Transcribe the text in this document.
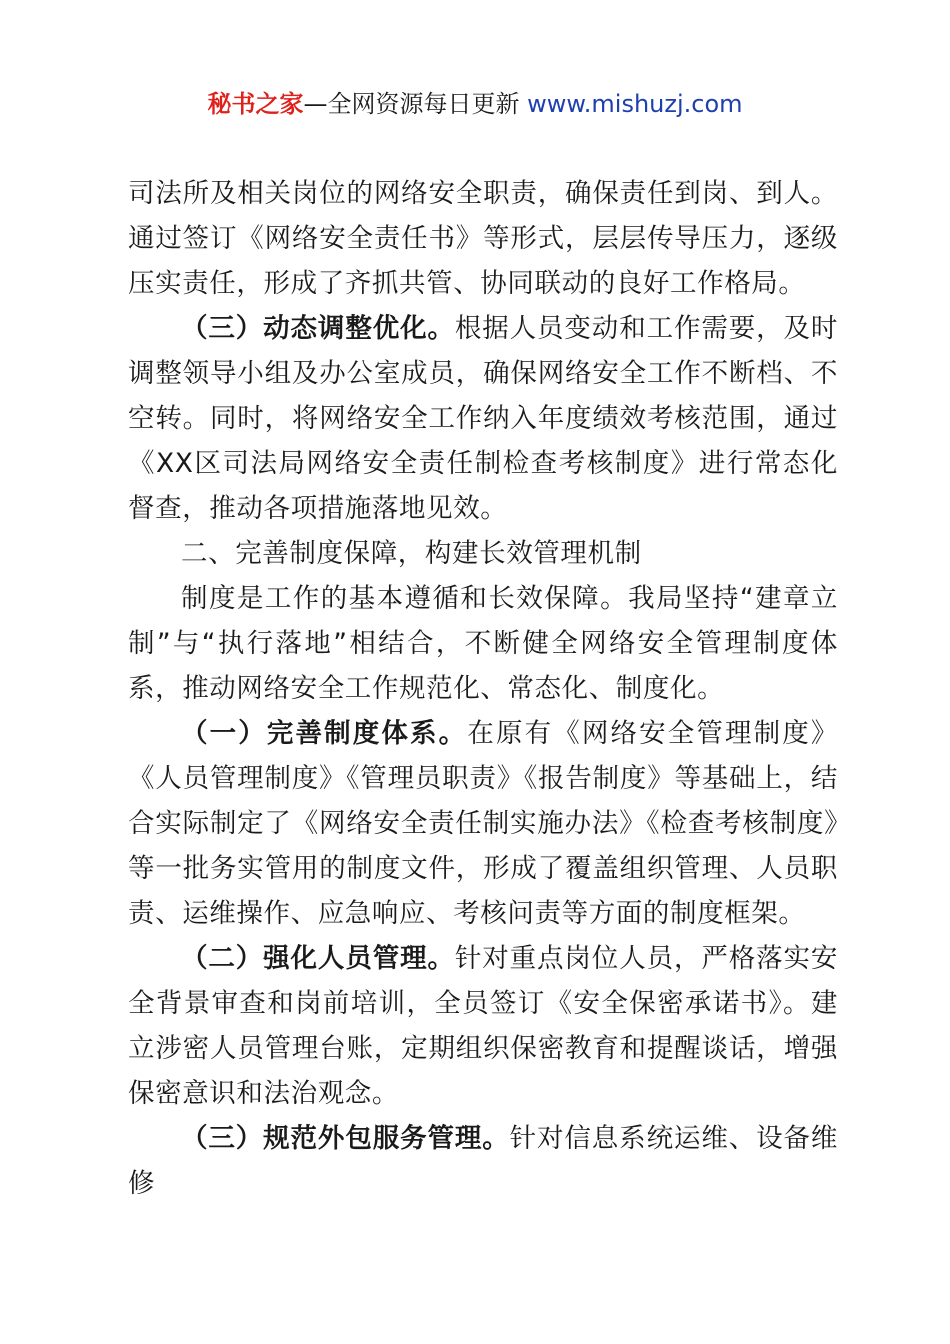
秘书之家—全网资源每日更新 www.mishuzj.com

司法所及相关岗位的网络安全职责，确保责任到岗、到人。通过签订《网络安全责任书》等形式，层层传导压力，逐级压实责任，形成了齐抓共管、协同联动的良好工作格局。

（三）动态调整优化。根据人员变动和工作需要，及时调整领导小组及办公室成员，确保网络安全工作不断档、不空转。同时，将网络安全工作纳入年度绩效考核范围，通过《XX区司法局网络安全责任制检查考核制度》进行常态化督查，推动各项措施落地见效。

二、完善制度保障，构建长效管理机制

制度是工作的基本遵循和长效保障。我局坚持“建章立制”与“执行落地”相结合，不断健全网络安全管理制度体系，推动网络安全工作规范化、常态化、制度化。

（一）完善制度体系。在原有《网络安全管理制度》《人员管理制度》《管理员职责》《报告制度》等基础上，结合实际制定了《网络安全责任制实施办法》《检查考核制度》等一批务实管用的制度文件，形成了覆盖组织管理、人员职责、运维操作、应急响应、考核问责等方面的制度框架。

（二）强化人员管理。针对重点岗位人员，严格落实安全背景审查和岗前培训，全员签订《安全保密承诺书》。建立涉密人员管理台账，定期组织保密教育和提醒谈话，增强保密意识和法治观念。

（三）规范外包服务管理。针对信息系统运维、设备维修
